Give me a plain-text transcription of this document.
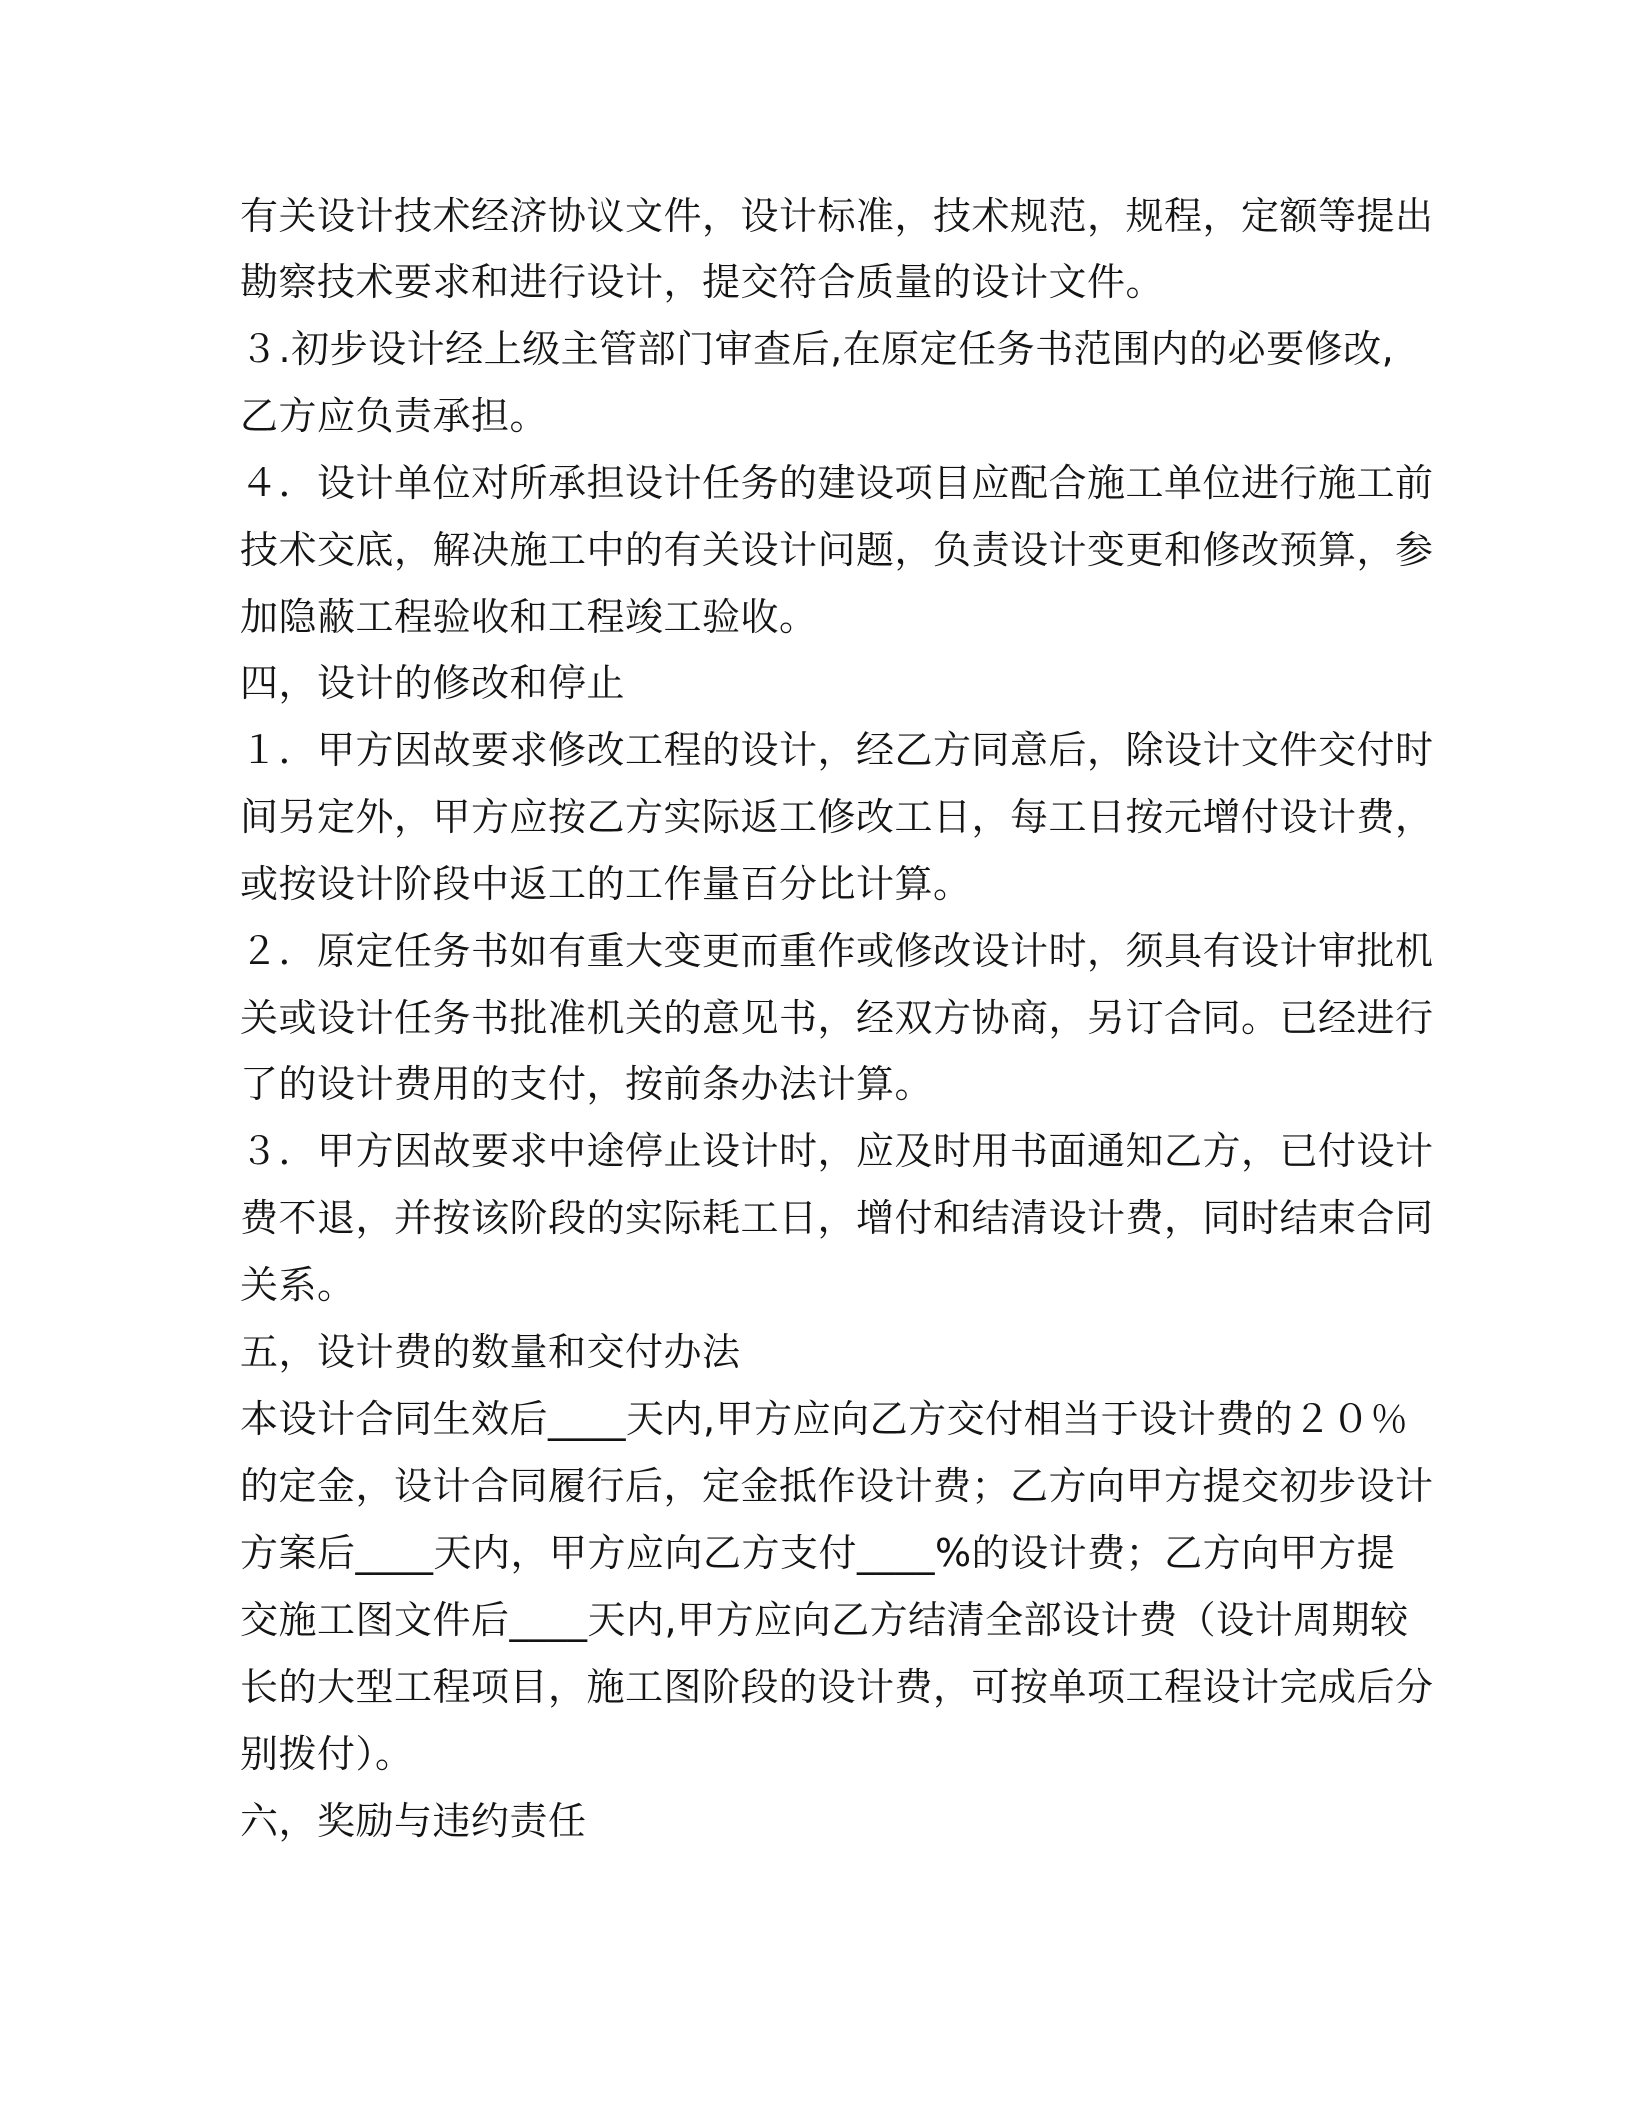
有关设计技术经济协议文件，设计标准，技术规范，规程，定额等提出
勘察技术要求和进行设计，提交符合质量的设计文件。
３.初步设计经上级主管部门审查后,在原定任务书范围内的必要修改,
乙方应负责承担。
４．设计单位对所承担设计任务的建设项目应配合施工单位进行施工前
技术交底，解决施工中的有关设计问题，负责设计变更和修改预算，参
加隐蔽工程验收和工程竣工验收。
四，设计的修改和停止
１．甲方因故要求修改工程的设计，经乙方同意后，除设计文件交付时
间另定外，甲方应按乙方实际返工修改工日，每工日按元增付设计费，
或按设计阶段中返工的工作量百分比计算。
２．原定任务书如有重大变更而重作或修改设计时，须具有设计审批机
关或设计任务书批准机关的意见书，经双方协商，另订合同。已经进行
了的设计费用的支付，按前条办法计算。
３．甲方因故要求中途停止设计时，应及时用书面通知乙方，已付设计
费不退，并按该阶段的实际耗工日，增付和结清设计费，同时结束合同
关系。
五，设计费的数量和交付办法
本设计合同生效后____天内,甲方应向乙方交付相当于设计费的２０％
的定金，设计合同履行后，定金抵作设计费；乙方向甲方提交初步设计
方案后____天内，甲方应向乙方支付____%的设计费；乙方向甲方提
交施工图文件后____天内,甲方应向乙方结清全部设计费（设计周期较
长的大型工程项目，施工图阶段的设计费，可按单项工程设计完成后分
别拨付）。
六，奖励与违约责任
